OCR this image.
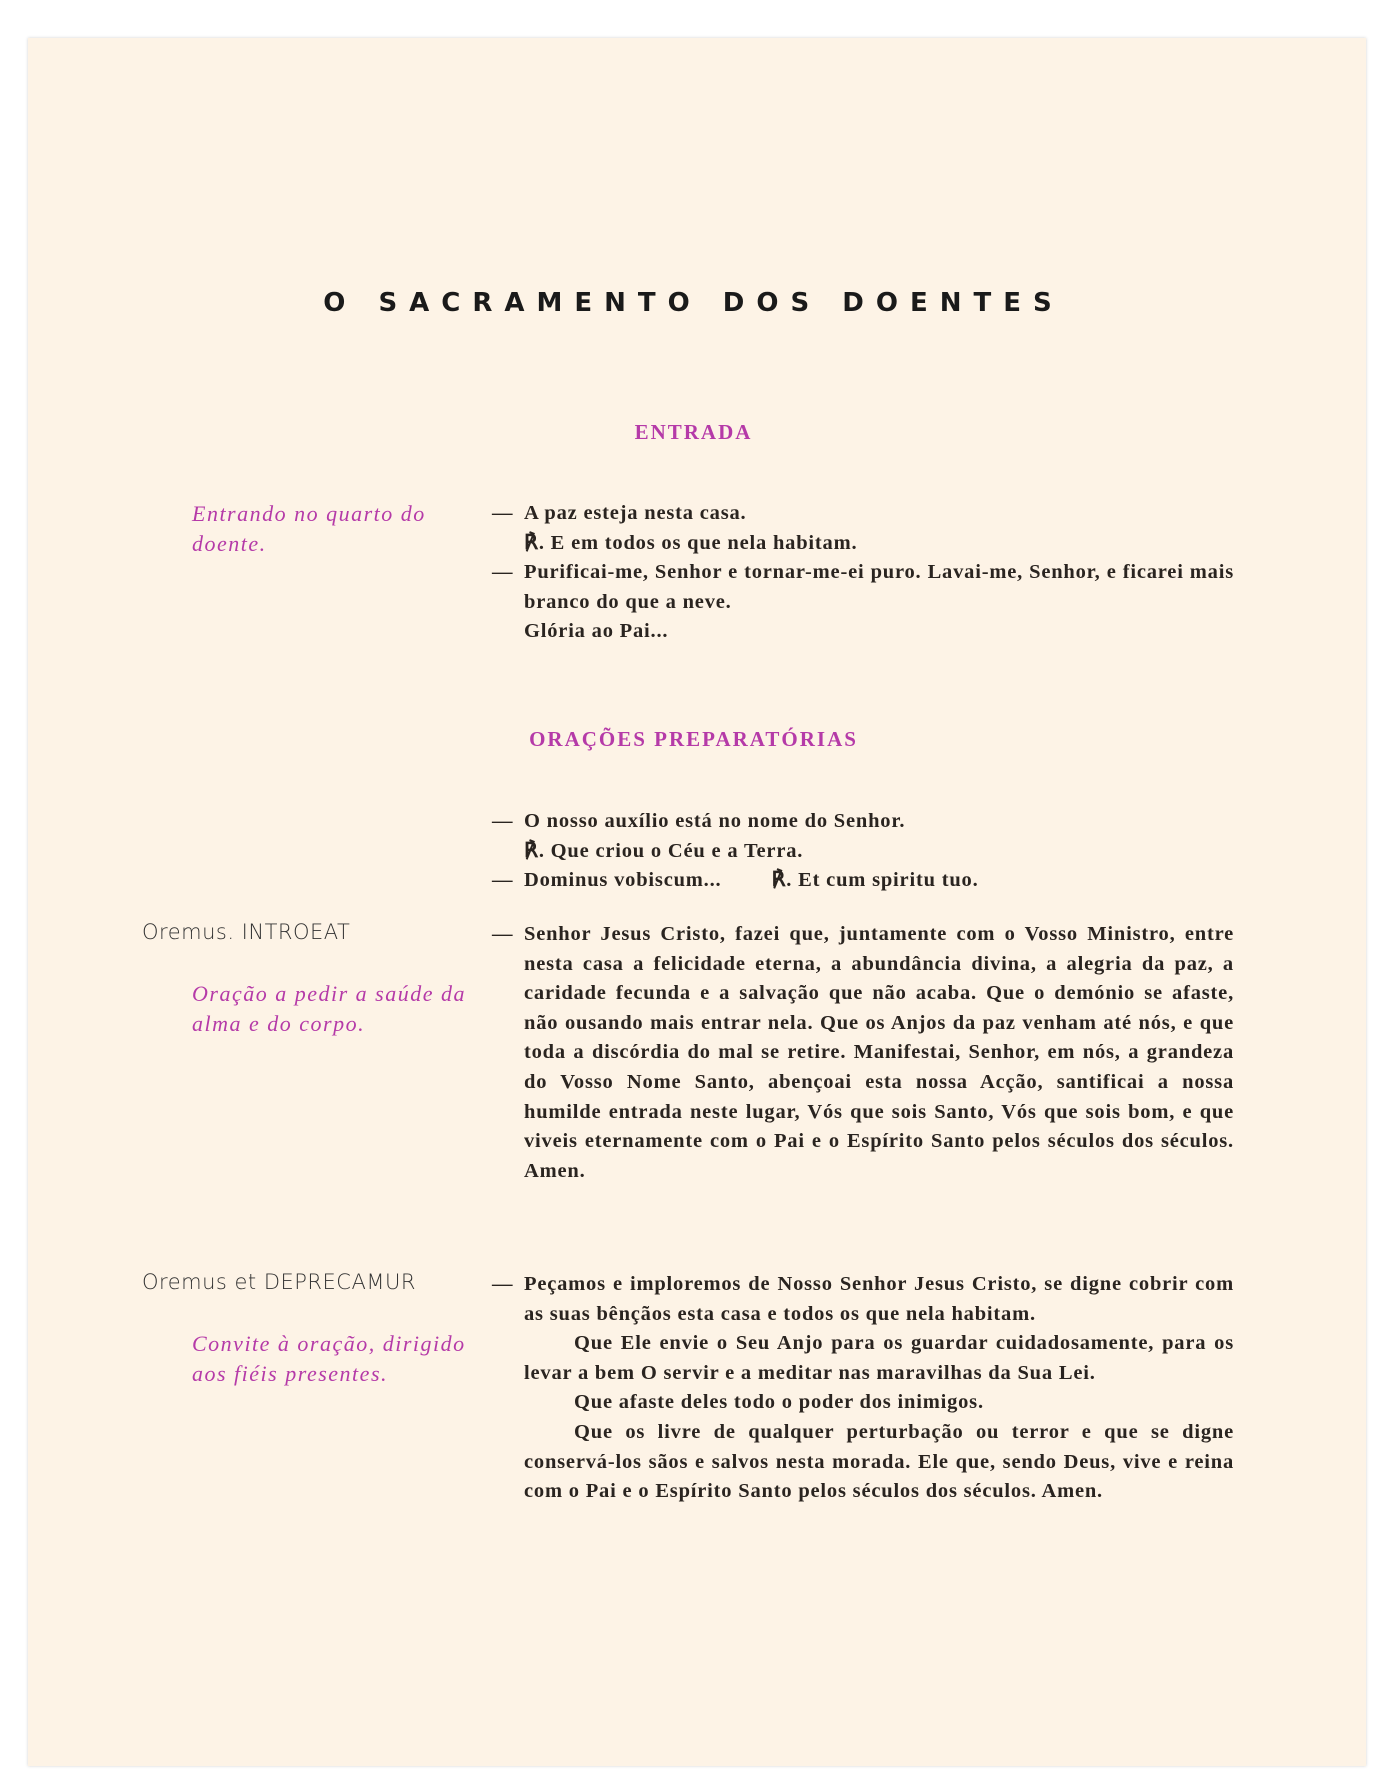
O SACRAMENTO DOS DOENTES
ENTRADA
Entrando no quarto do doente.
— A paz esteja nesta casa.
℟. E em todos os que nela habitam.
— Purificai-me, Senhor e tornar-me-ei puro. Lavai-me, Senhor, e ficarei mais branco do que a neve.
Glória ao Pai...
ORAÇÕES PREPARATÓRIAS
— O nosso auxílio está no nome do Senhor.
℟. Que criou o Céu e a Terra.
— Dominus vobiscum... ℟. Et cum spiritu tuo.
Oremus. INTROEAT
Oração a pedir a saúde da alma e do corpo.
— Senhor Jesus Cristo, fazei que, juntamente com o Vosso Ministro, entre nesta casa a felicidade eterna, a abundância divina, a alegria da paz, a caridade fecunda e a salvação que não acaba. Que o demónio se afaste, não ousando mais entrar nela. Que os Anjos da paz venham até nós, e que toda a discórdia do mal se retire. Manifestai, Senhor, em nós, a grandeza do Vosso Nome Santo, abençoai esta nossa Acção, santificai a nossa humilde entrada neste lugar, Vós que sois Santo, Vós que sois bom, e que viveis eternamente com o Pai e o Espírito Santo pelos séculos dos séculos. Amen.
Oremus et DEPRECAMUR
Convite à oração, dirigido aos fiéis presentes.
— Peçamos e imploremos de Nosso Senhor Jesus Cristo, se digne cobrir com as suas bênçãos esta casa e todos os que nela habitam.
Que Ele envie o Seu Anjo para os guardar cuidadosamente, para os levar a bem O servir e a meditar nas maravilhas da Sua Lei.
Que afaste deles todo o poder dos inimigos.
Que os livre de qualquer perturbação ou terror e que se digne conservá-los sãos e salvos nesta morada. Ele que, sendo Deus, vive e reina com o Pai e o Espírito Santo pelos séculos dos séculos. Amen.
